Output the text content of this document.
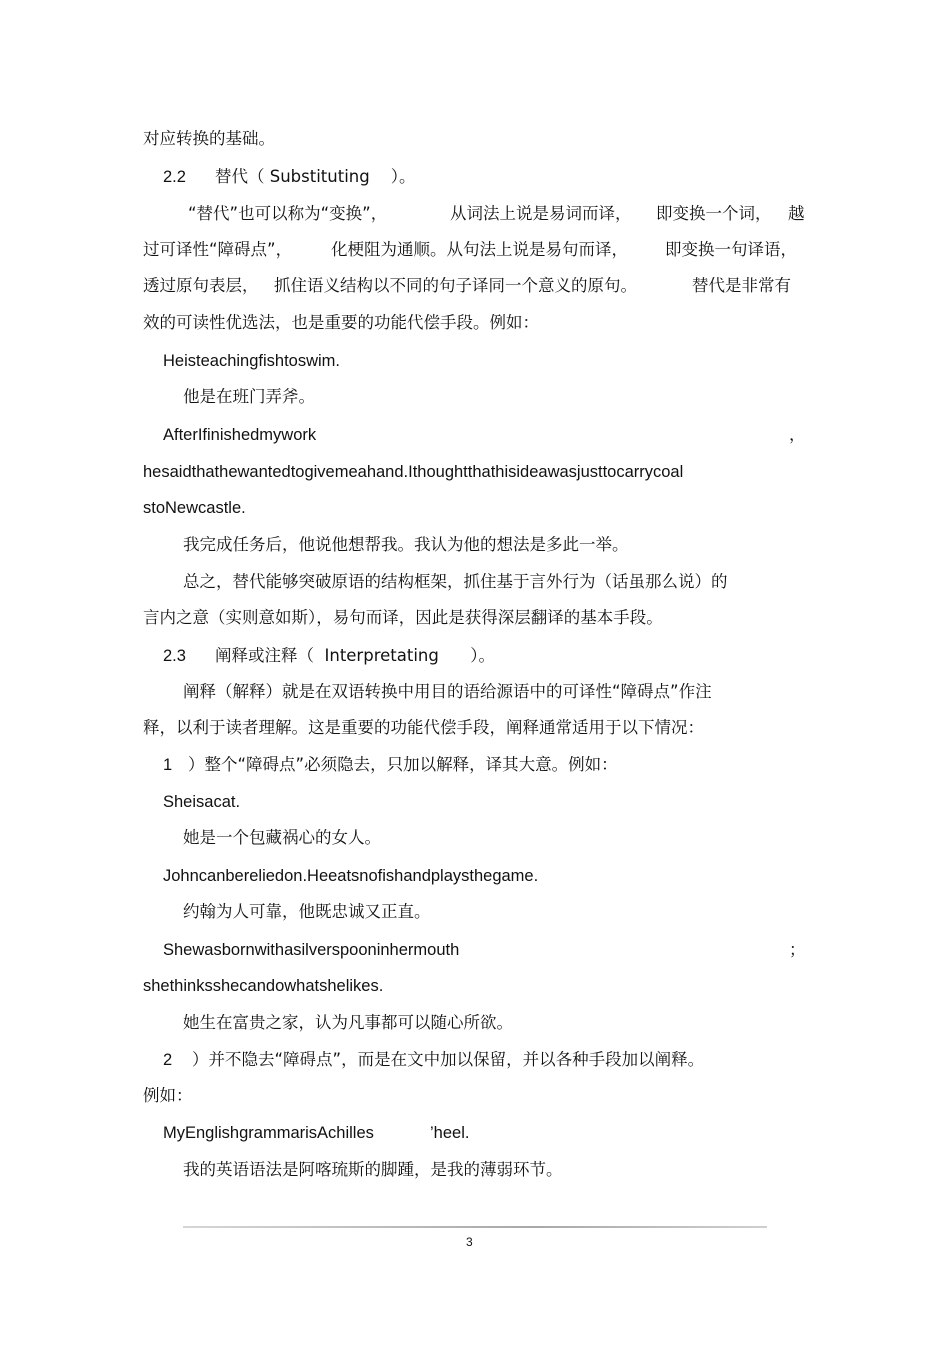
对应转换的基础。
2.2 替代（ Substituting    ）。
“替代”也可以称为“变换”，	从词法上说是易词而译， 即变换一个词， 越
过可译性“障碍点”， 化梗阻为通顺。从句法上说是易句而译， 即变换一句译语，
透过原句表层， 抓住语义结构以不同的句子译同一个意义的原句。	替代是非常有
效的可读性优选法，也是重要的功能代偿手段。例如：
Heisteachingfishtoswim.
他是在班门弄斧。
AfterIfinishedmywork	，
hesaidthathewantedtogivemeahand.Ithoughtthathisideawasjusttocarrycoal
stoNewcastle.
我完成任务后，他说他想帮我。我认为他的想法是多此一举。
总之，替代能够突破原语的结构框架，抓住基于言外行为（话虽那么说）的
言内之意（实则意如斯），易句而译，因此是获得深层翻译的基本手段。
2.3 阐释或注释（  Interpretating      ）。
阐释（解释）就是在双语转换中用目的语给源语中的可译性“障碍点”作注
释，以利于读者理解。这是重要的功能代偿手段，阐释通常适用于以下情况：
1 ）整个“障碍点”必须隐去，只加以解释，译其大意。例如：
Sheisacat.
她是一个包藏祸心的女人。
Johncanbereliedon.Heeatsnofishandplaysthegame.
约翰为人可靠，他既忠诚又正直。
Shewasbornwithasilverspooninhermouth	；
shethinksshecandowhatshelikes.
她生在富贵之家，认为凡事都可以随心所欲。
2 ）并不隐去“障碍点”，而是在文中加以保留，并以各种手段加以阐释。
例如：
MyEnglishgrammarisAchilles	’heel.
我的英语语法是阿喀琉斯的脚踵，是我的薄弱环节。
3
